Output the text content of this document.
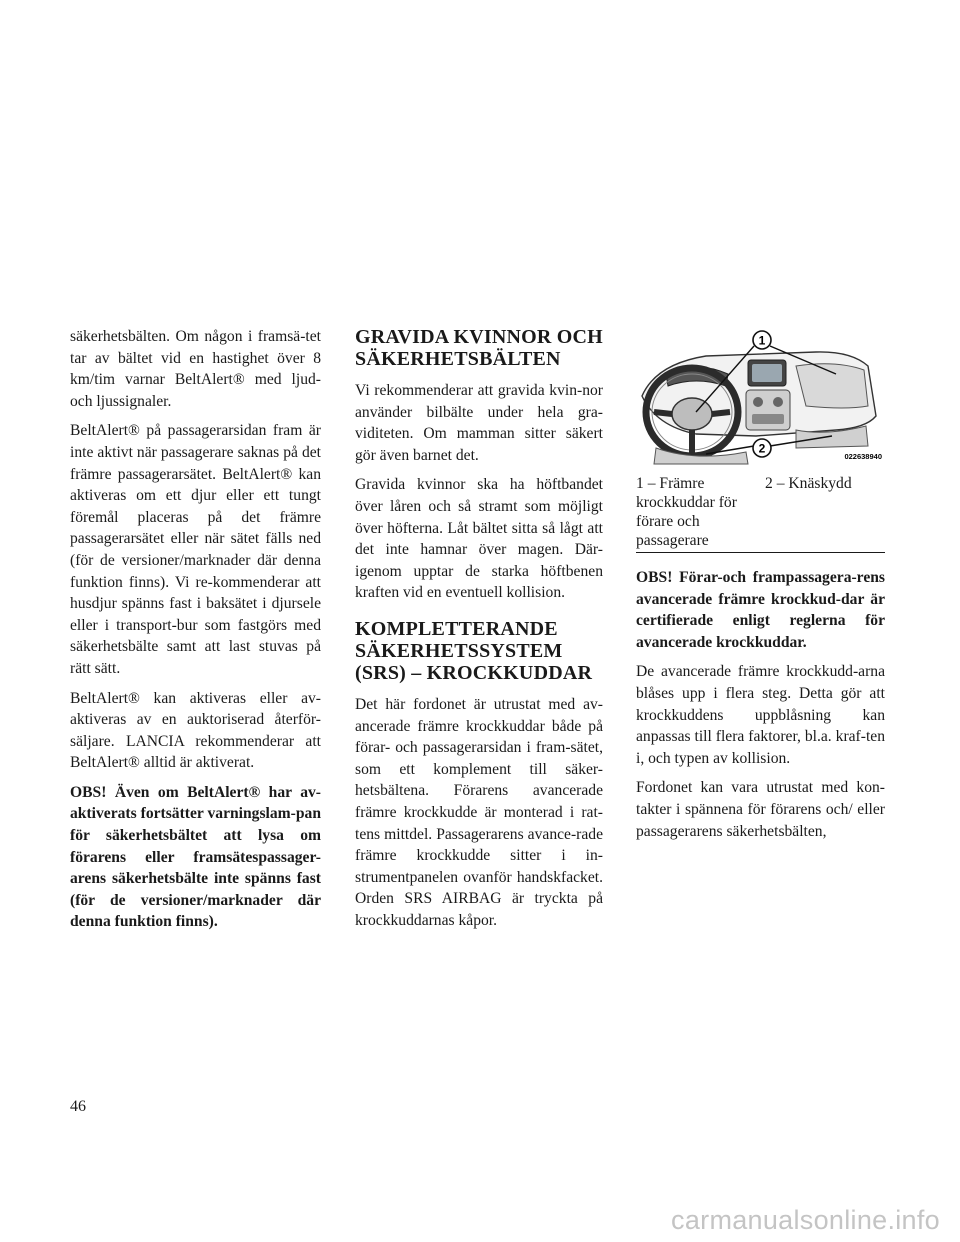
säkerhetsbälten. Om någon i framsä-tet tar av bältet vid en hastighet över 8 km/tim varnar BeltAlert® med ljud- och ljussignaler.

BeltAlert® på passagerarsidan fram är inte aktivt när passagerare saknas på det främre passagerarsätet. BeltAlert® kan aktiveras om ett djur eller ett tungt föremål placeras på det främre passagerarsätet eller när sätet fälls ned (för de versioner/marknader där denna funktion finns). Vi re-kommenderar att husdjur spänns fast i baksätet i djursele eller i transport-bur som fastgörs med säkerhetsbälte samt att last stuvas på rätt sätt.

BeltAlert® kan aktiveras eller av-aktiveras av en auktoriserad återför-säljare. LANCIA rekommenderar att BeltAlert® alltid är aktiverat.

OBS! Även om BeltAlert® har av-aktiverats fortsätter varningslam-pan för säkerhetsbältet att lysa om förarens eller framsätespassager-arens säkerhetsbälte inte spänns fast (för de versioner/marknader där denna funktion finns).

GRAVIDA KVINNOR OCH SÄKERHETSBÄLTEN

Vi rekommenderar att gravida kvin-nor använder bilbälte under hela gra-viditeten. Om mamman sitter säkert gör även barnet det.

Gravida kvinnor ska ha höftbandet över låren och så stramt som möjligt över höfterna. Låt bältet sitta så lågt att det inte hamnar över magen. Där-igenom upptar de starka höftbenen kraften vid en eventuell kollision.

KOMPLETTERANDE SÄKERHETSSYSTEM (SRS) – KROCKKUDDAR

Det här fordonet är utrustat med av-ancerade främre krockkuddar både på förar- och passagerarsidan i fram-sätet, som ett komplement till säker-hetsbältena. Förarens avancerade främre krockkudde är monterad i rat-tens mittdel. Passagerarens avance-rade främre krockkudde sitter i in-strumentpanelen ovanför handskfacket. Orden SRS AIRBAG är tryckta på krockkuddarnas kåpor.

1
2
022638940
1 – Främre krockkuddar för förare och passagerare
2 – Knäskydd

OBS! Förar-och frampassagera-rens avancerade främre krockkud-dar är certifierade enligt reglerna för avancerade krockkuddar.

De avancerade främre krockkudd-arna blåses upp i flera steg. Detta gör att krockkuddens uppblåsning kan anpassas till flera faktorer, bl.a. kraf-ten i, och typen av kollision.

Fordonet kan vara utrustat med kon-takter i spännena för förarens och/ eller passagerarens säkerhetsbälten,

46
carmanualsonline.info
